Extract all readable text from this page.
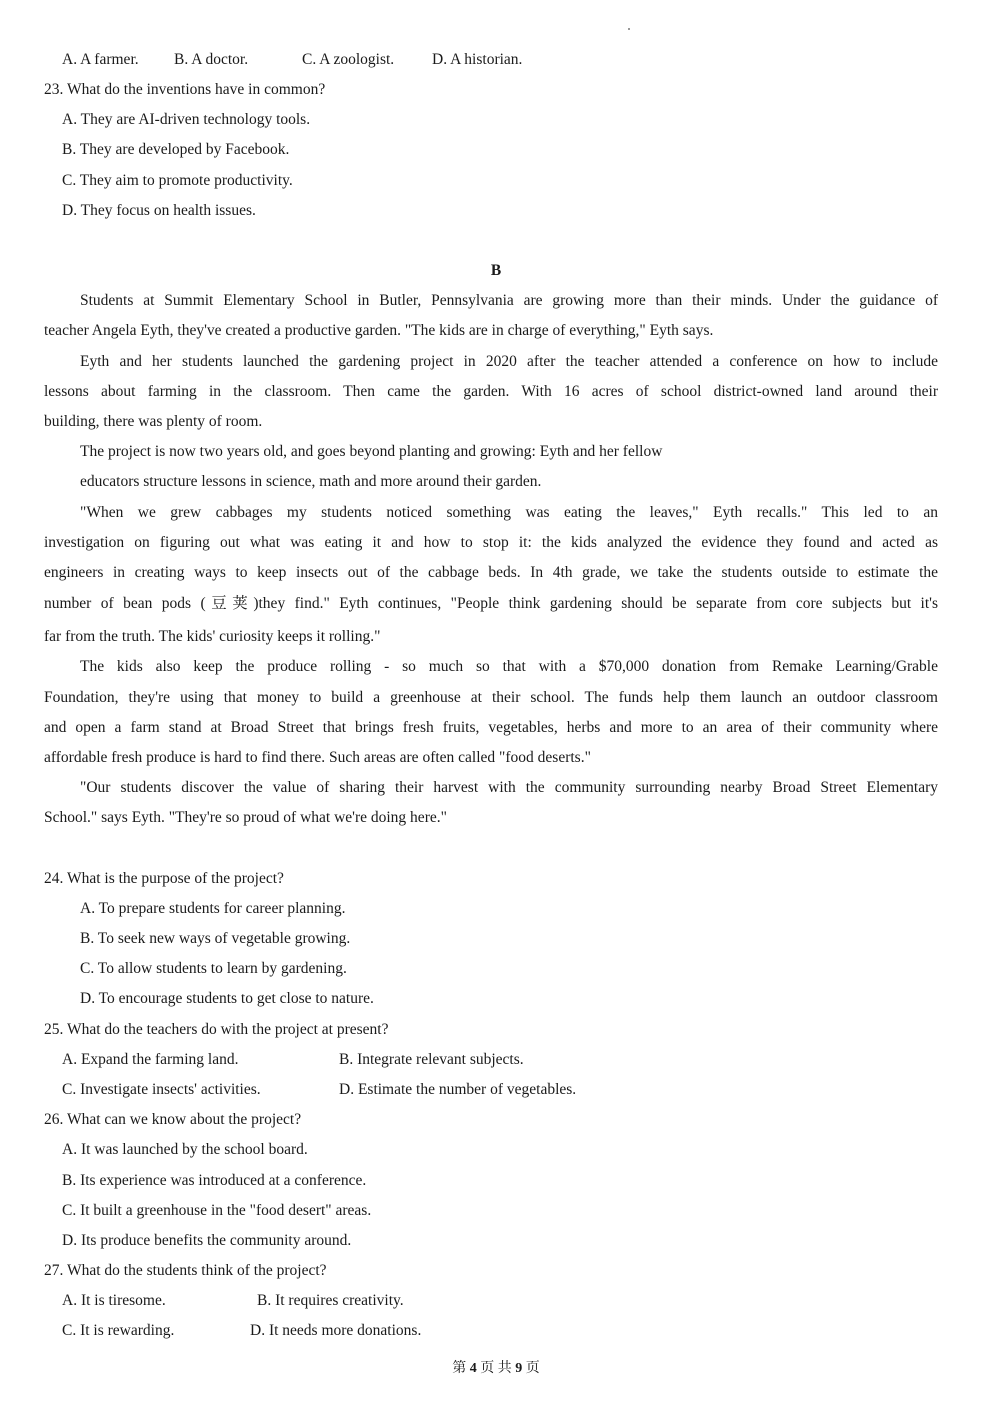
A. A farmer. B. A doctor.	C. A zoologist. D. A historian.
23. What do the inventions have in common?
A. They are AI-driven technology tools.
B. They are developed by Facebook.
C. They aim to promote productivity.
D. They focus on health issues.
B
Students at Summit Elementary School in Butler, Pennsylvania are growing more than their minds. Under the guidance of
teacher Angela Eyth, they've created a productive garden. "The kids are in charge of everything," Eyth says.
Eyth and her students launched the gardening project in 2020 after the teacher attended a conference on how to include
lessons about farming in the classroom. Then came the garden. With 16 acres of school district-owned land around their
building, there was plenty of room.
The project is now two years old, and goes beyond planting and growing: Eyth and her fellow
educators structure lessons in science, math and more around their garden.
"When we grew cabbages my students noticed something was eating the leaves," Eyth recalls." This led to an
investigation on figuring out what was eating it and how to stop it: the kids analyzed the evidence they found and acted as
engineers in creating ways to keep insects out of the cabbage beds. In 4th grade, we take the students outside to estimate the
number of bean pods (豆荚)they find." Eyth continues, "People think gardening should be separate from core subjects but it's
far from the truth. The kids' curiosity keeps it rolling."
The kids also keep the produce rolling - so much so that with a $70,000 donation from Remake Learning/Grable
Foundation, they're using that money to build a greenhouse at their school. The funds help them launch an outdoor classroom
and open a farm stand at Broad Street that brings fresh fruits, vegetables, herbs and more to an area of their community where
affordable fresh produce is hard to find there. Such areas are often called "food deserts."
"Our students discover the value of sharing their harvest with the community surrounding nearby Broad Street Elementary
School." says Eyth. "They're so proud of what we're doing here."
24. What is the purpose of the project?
A. To prepare students for career planning.
B. To seek new ways of vegetable growing.
C. To allow students to learn by gardening.
D. To encourage students to get close to nature.
25. What do the teachers do with the project at present?
A. Expand the farming land.	B. Integrate relevant subjects.
C. Investigate insects' activities.	D. Estimate the number of vegetables.
26. What can we know about the project?
A. It was launched by the school board.
B. Its experience was introduced at a conference.
C. It built a greenhouse in the "food desert" areas.
D. Its produce benefits the community around.
27. What do the students think of the project?
A. It is tiresome.	B. It requires creativity.
C. It is rewarding.	D. It needs more donations.
第 4 页 共 9 页
